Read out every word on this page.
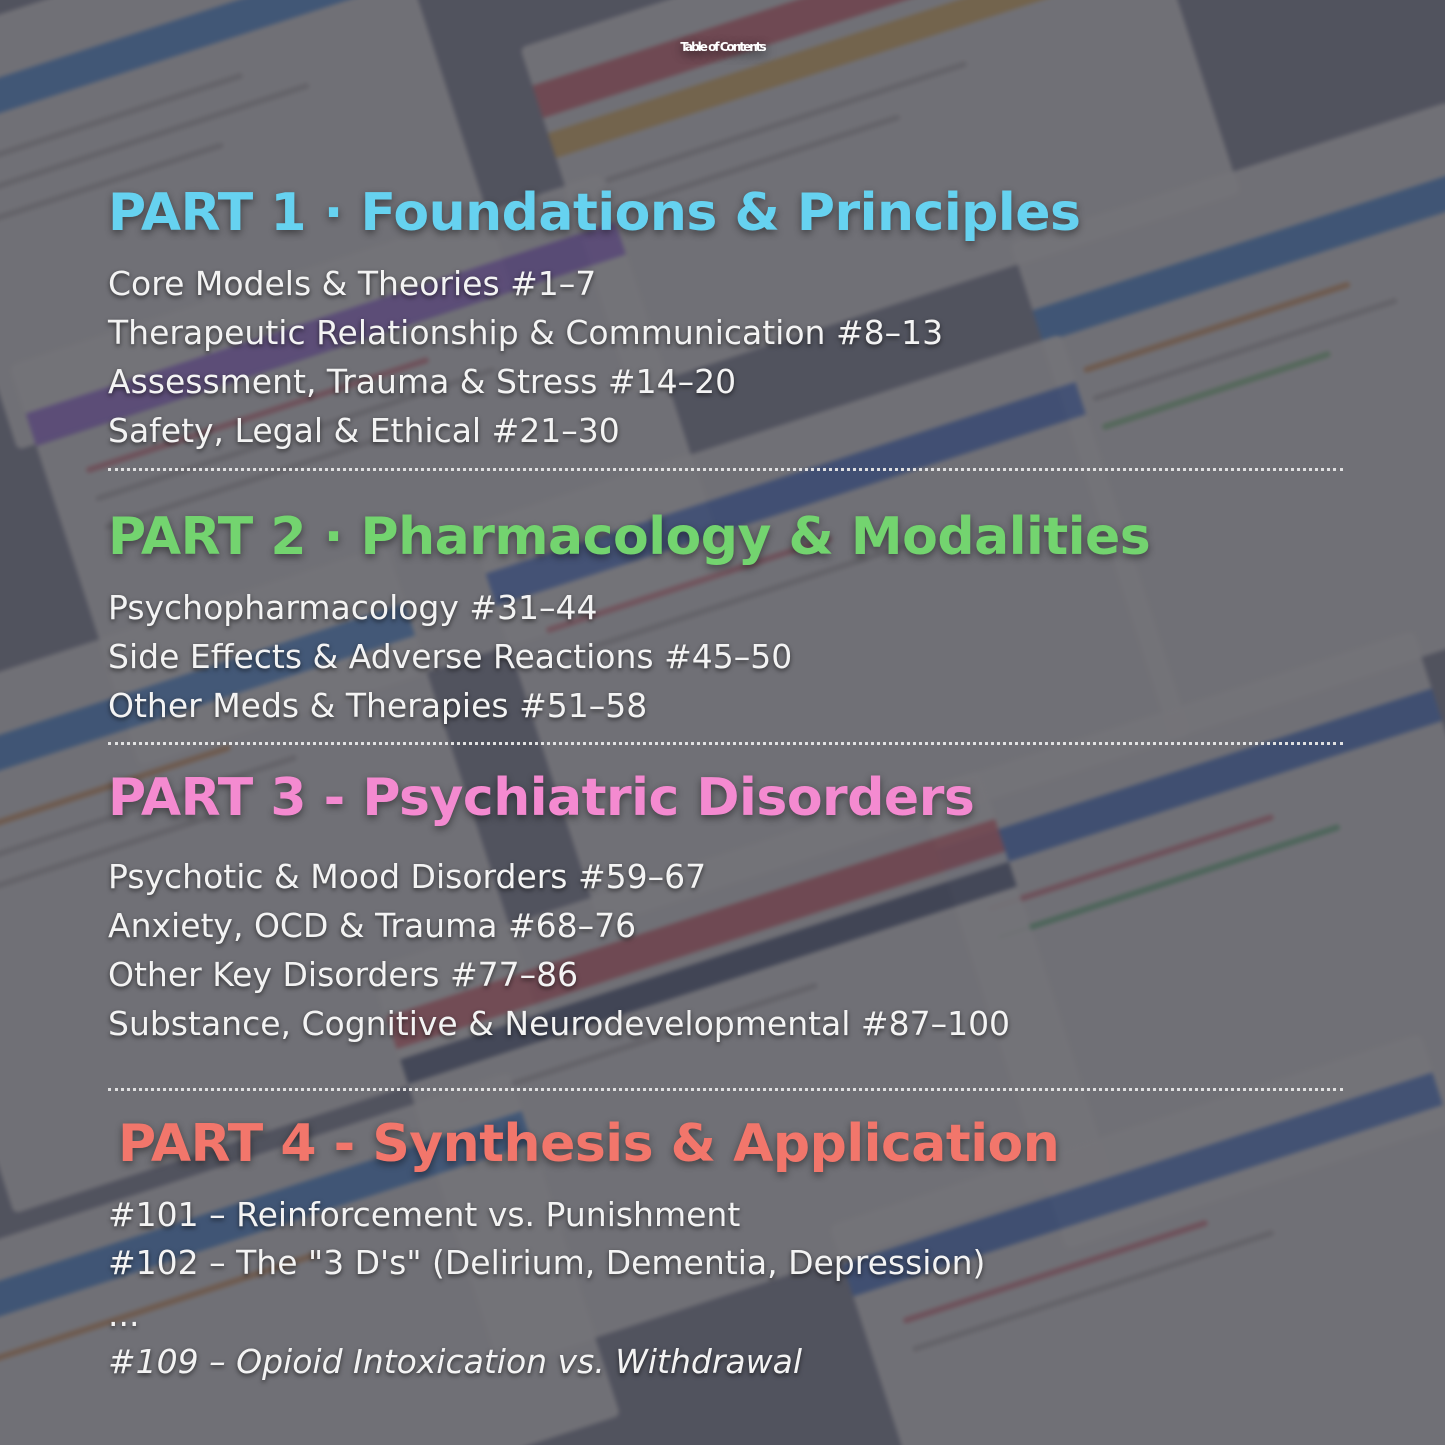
Table of Contents
PART 1 · Foundations & Principles
Core Models & Theories #1–7
Therapeutic Relationship & Communication #8–13
Assessment, Trauma & Stress #14–20
Safety, Legal & Ethical #21–30
PART 2 · Pharmacology & Modalities
Psychopharmacology #31–44
Side Effects & Adverse Reactions #45–50
Other Meds & Therapies #51–58
PART 3 - Psychiatric Disorders
Psychotic & Mood Disorders #59–67
Anxiety, OCD & Trauma #68–76
Other Key Disorders #77–86
Substance, Cognitive & Neurodevelopmental #87–100
PART 4 - Synthesis & Application
#101 – Reinforcement vs. Punishment
#102 – The "3 D's" (Delirium, Dementia, Depression)
...
#109 – Opioid Intoxication vs. Withdrawal
